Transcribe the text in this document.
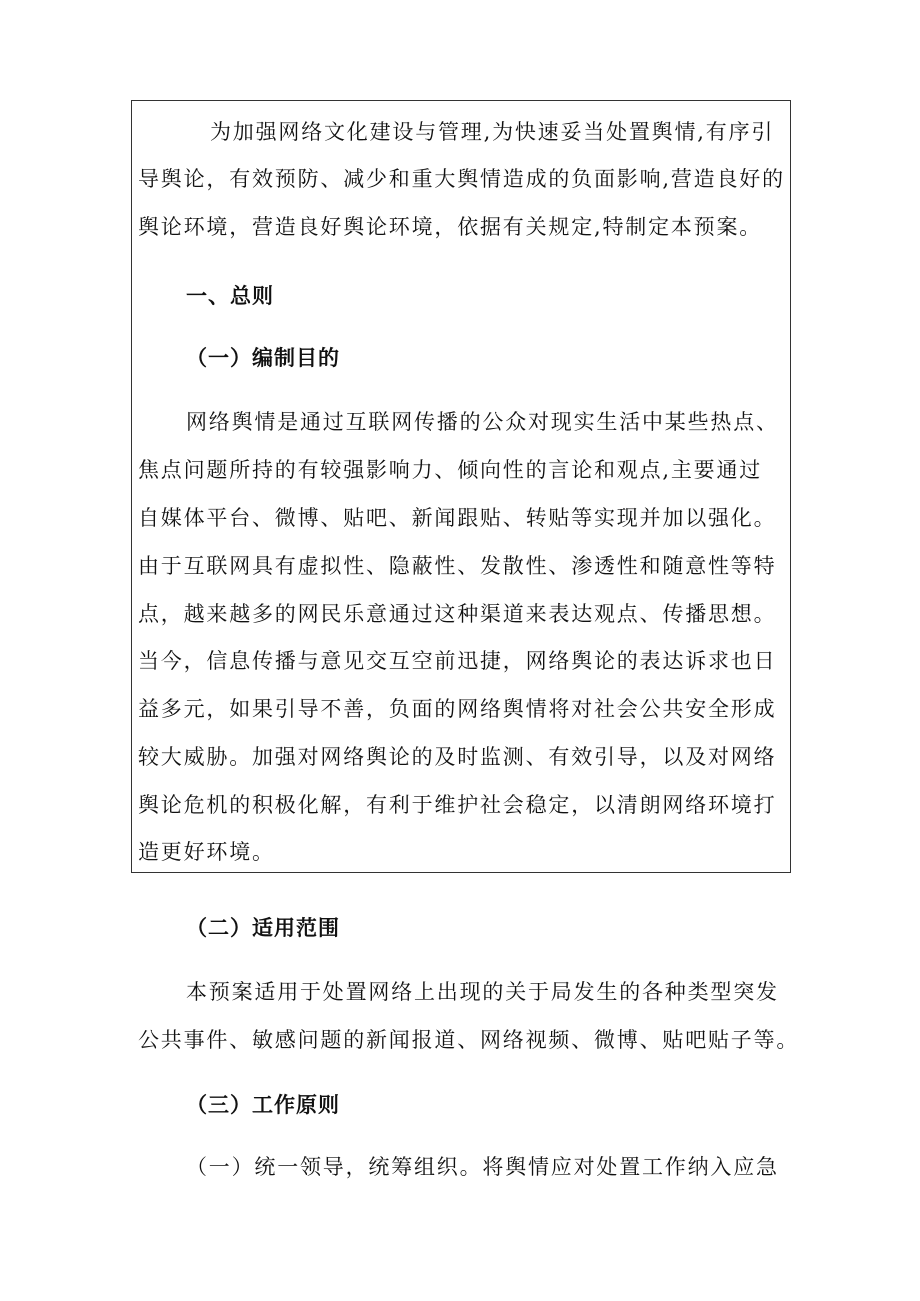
为加强网络文化建设与管理,为快速妥当处置舆情,有序引
导舆论，有效预防、减少和重大舆情造成的负面影响,营造良好的
舆论环境，营造良好舆论环境，依据有关规定,特制定本预案。
一、总则
（一）编制目的
网络舆情是通过互联网传播的公众对现实生活中某些热点、
焦点问题所持的有较强影响力、倾向性的言论和观点,主要通过
自媒体平台、微博、贴吧、新闻跟贴、转贴等实现并加以强化。
由于互联网具有虚拟性、隐蔽性、发散性、渗透性和随意性等特
点，越来越多的网民乐意通过这种渠道来表达观点、传播思想。
当今，信息传播与意见交互空前迅捷，网络舆论的表达诉求也日
益多元，如果引导不善，负面的网络舆情将对社会公共安全形成
较大威胁。加强对网络舆论的及时监测、有效引导，以及对网络
舆论危机的积极化解，有利于维护社会稳定，以清朗网络环境打
造更好环境。
（二）适用范围
本预案适用于处置网络上出现的关于局发生的各种类型突发
公共事件、敏感问题的新闻报道、网络视频、微博、贴吧贴子等。
（三）工作原则
（一）统一领导，统筹组织。将舆情应对处置工作纳入应急
